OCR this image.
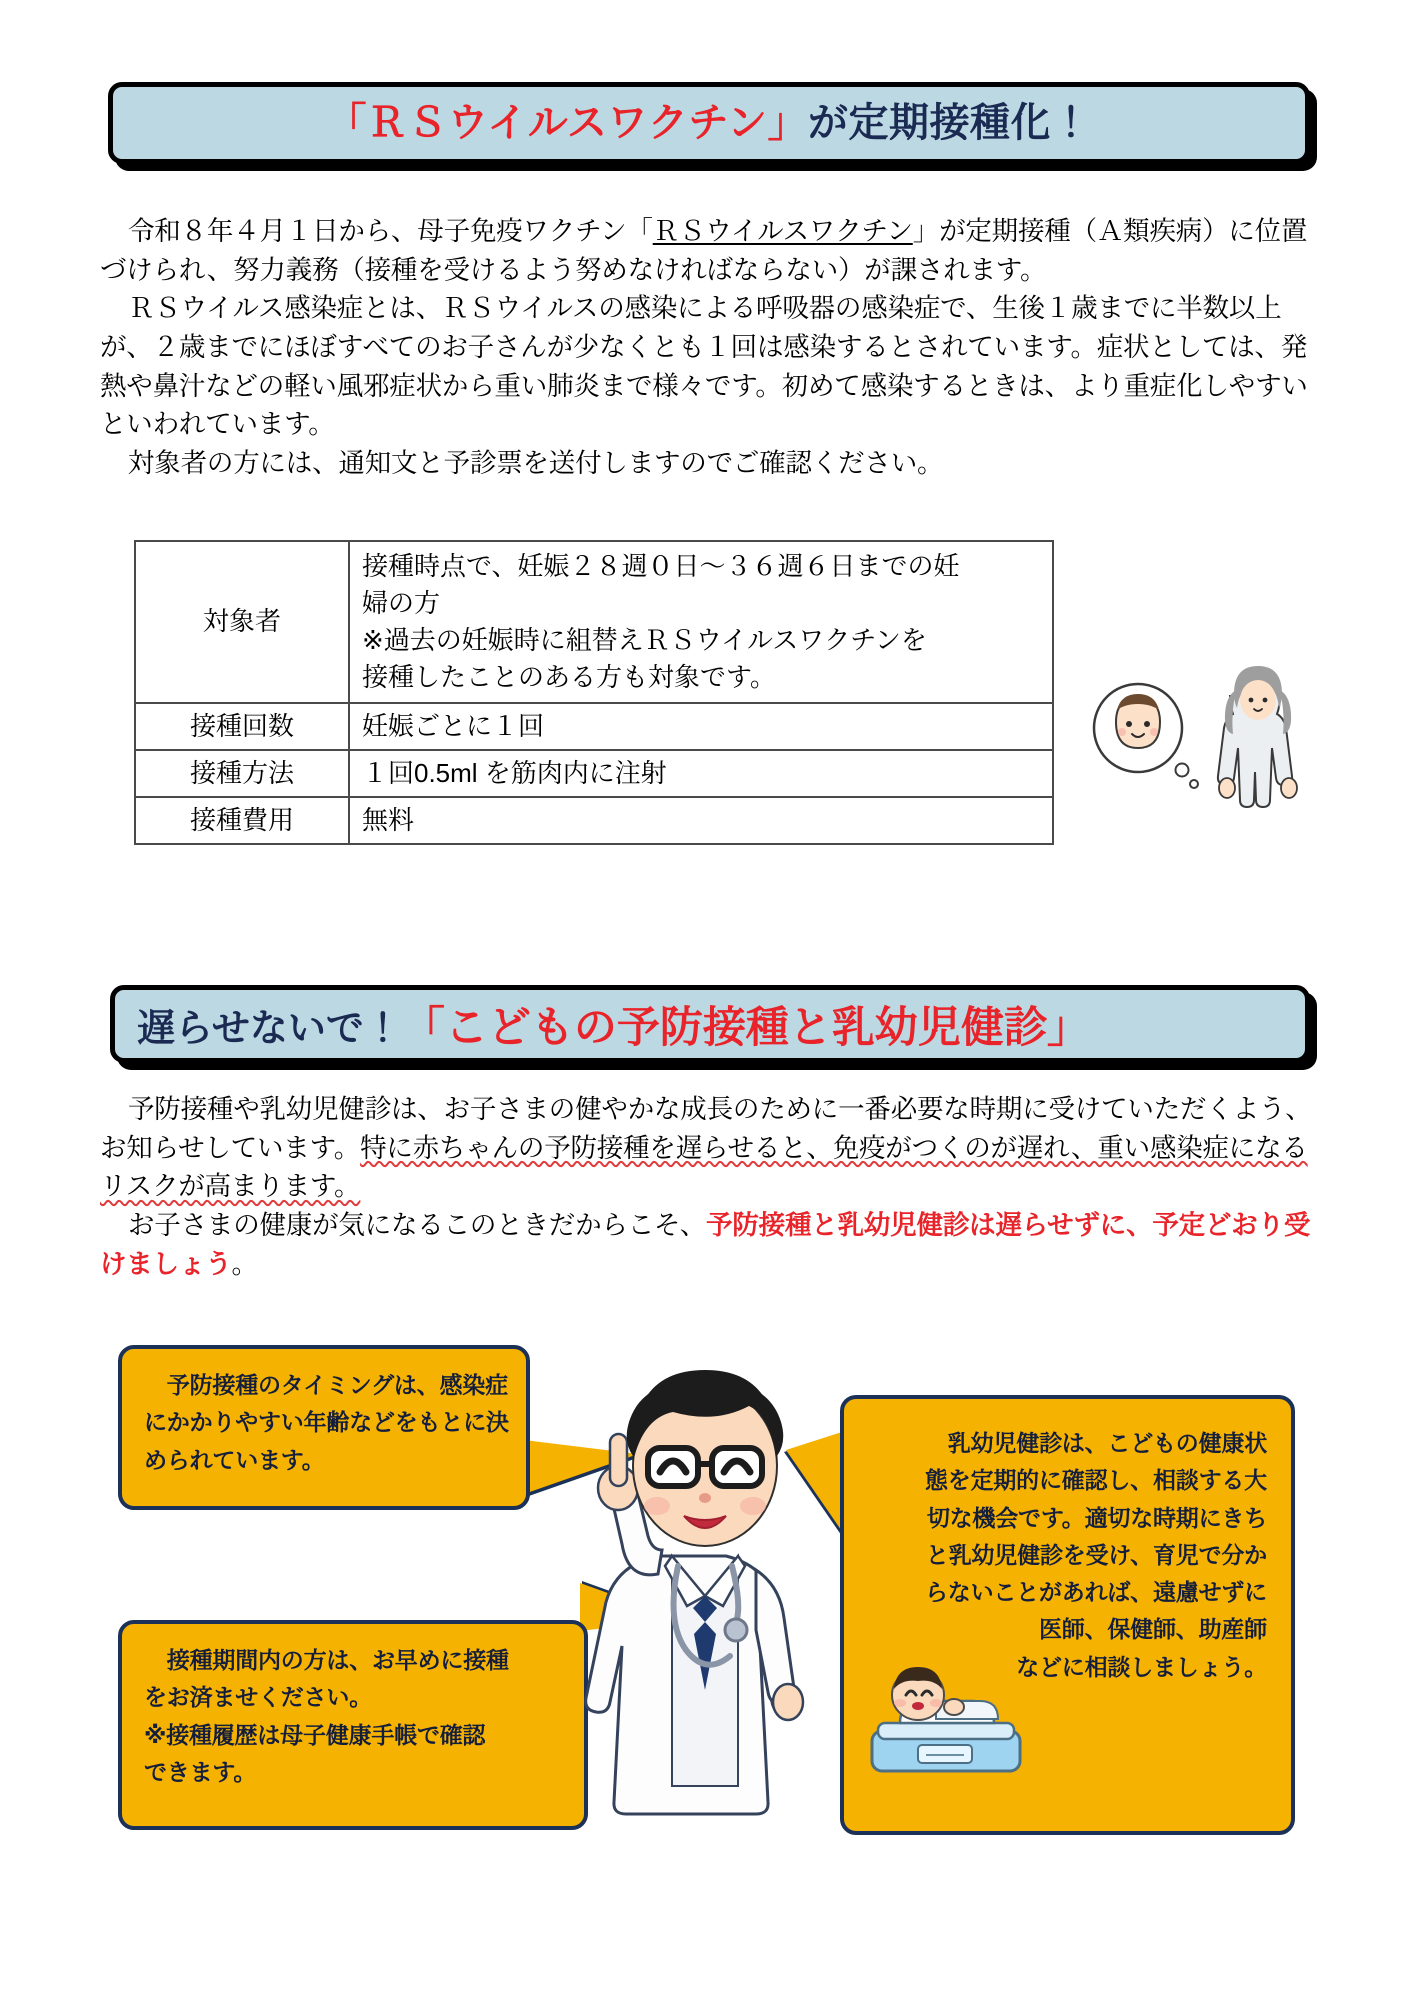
「ＲＳウイルスワクチン」が定期接種化！

令和８年４月１日から、母子免疫ワクチン「ＲＳウイルスワクチン」が定期接種（Ａ類疾病）に位置づけられ、努力義務（接種を受けるよう努めなければならない）が課されます。

ＲＳウイルス感染症とは、ＲＳウイルスの感染による呼吸器の感染症で、生後１歳までに半数以上が、２歳までにほぼすべてのお子さんが少なくとも１回は感染するとされています。症状としては、発熱や鼻汁などの軽い風邪症状から重い肺炎まで様々です。初めて感染するときは、より重症化しやすいといわれています。

対象者の方には、通知文と予診票を送付しますのでご確認ください。

対象者	接種時点で、妊娠２８週０日～３６週６日までの妊
婦の方
※過去の妊娠時に組替えＲＳウイルスワクチンを
接種したことのある方も対象です。

接種回数	妊娠ごとに１回
接種方法	１回0.5ml を筋肉内に注射
接種費用	無料
遅らせないで！ 「こどもの予防接種と乳幼児健診」

予防接種や乳幼児健診は、お子さまの健やかな成長のために一番必要な時期に受けていただくよう、お知らせしています。特に赤ちゃんの予防接種を遅らせると、免疫がつくのが遅れ、重い感染症になるリスクが高まります。

お子さまの健康が気になるこのときだからこそ、予防接種と乳幼児健診は遅らせずに、予定どおり受けましょう。

　予防接種のタイミングは、感染症
にかかりやすい年齢などをもとに決
められています。
　接種期間内の方は、お早めに接種
をお済ませください。
※接種履歴は母子健康手帳で確認
できます。
乳幼児健診は、こどもの健康状
態を定期的に確認し、相談する大
切な機会です。適切な時期にきち
と乳幼児健診を受け、育児で分か
らないことがあれば、遠慮せずに
医師、保健師、助産師
などに相談しましょう。
